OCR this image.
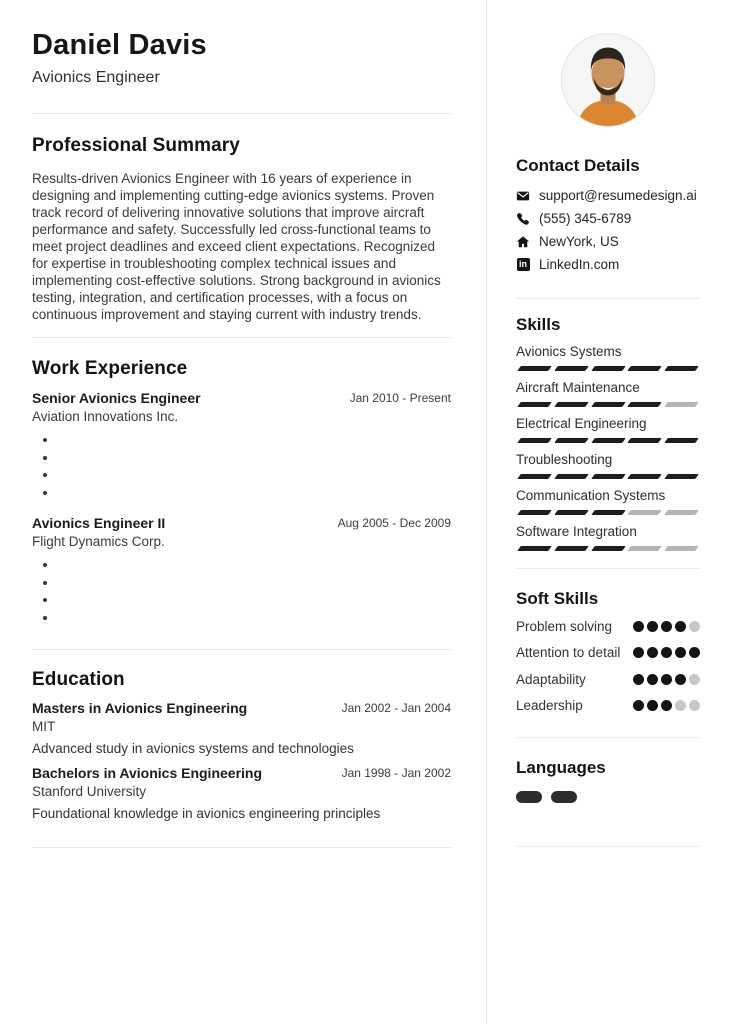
Daniel Davis
Avionics Engineer
Professional Summary

Results-driven Avionics Engineer with 16 years of experience in designing and implementing cutting-edge avionics systems. Proven track record of delivering innovative solutions that improve aircraft performance and safety. Successfully led cross-functional teams to meet project deadlines and exceed client expectations. Recognized for expertise in troubleshooting complex technical issues and implementing cost-effective solutions. Strong background in avionics testing, integration, and certification processes, with a focus on continuous improvement and staying current with industry trends.

Work Experience
Senior Avionics Engineer
Aviation Innovations Inc.
Jan 2010 - Present
•
•
•
•
Avionics Engineer II
Flight Dynamics Corp.
Aug 2005 - Dec 2009
•
•
•
•
Education
Masters in Avionics Engineering
MIT
Jan 2002 - Jan 2004
Advanced study in avionics systems and technologies
Bachelors in Avionics Engineering
Stanford University
Jan 1998 - Jan 2002
Foundational knowledge in avionics engineering principles
Contact Details
support@resumedesign.ai
(555) 345-6789
NewYork, US
in LinkedIn.com
Skills
Avionics Systems
Aircraft Maintenance
Electrical Engineering
Troubleshooting
Communication Systems
Software Integration
Soft Skills
Problem solving
Attention to detail
Adaptability
Leadership
Languages
